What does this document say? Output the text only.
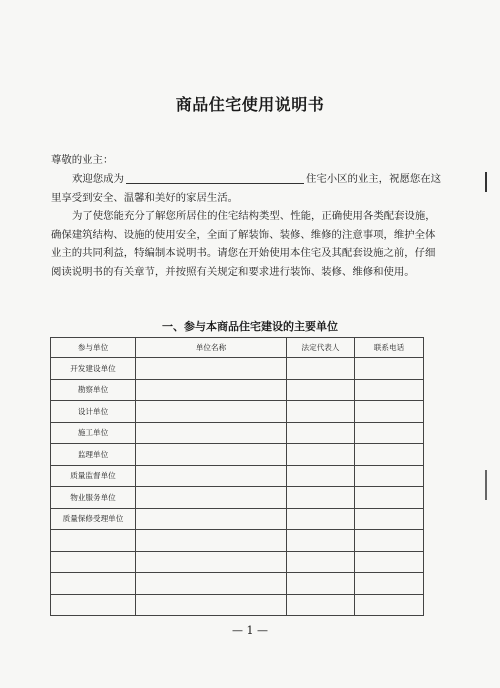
商品住宅使用说明书
尊敬的业主：
欢迎您成为	住宅小区的业主，祝愿您在这里享受到安全、温馨和美好的家居生活。
为了使您能充分了解您所居住的住宅结构类型、性能，正确使用各类配套设施，确保建筑结构、设施的使用安全，全面了解装饰、装修、维修的注意事项，维护全体业主的共同利益，特编制本说明书。请您在开始使用本住宅及其配套设施之前，仔细阅读说明书的有关章节，并按照有关规定和要求进行装饰、装修、维修和使用。
一、参与本商品住宅建设的主要单位
参与单位	单位名称	法定代表人	联系电话
开发建设单位			
勘察单位			
设计单位			
施工单位			
监理单位			
质量监督单位			
物业服务单位			
质量保修受理单位			

— 1 —
